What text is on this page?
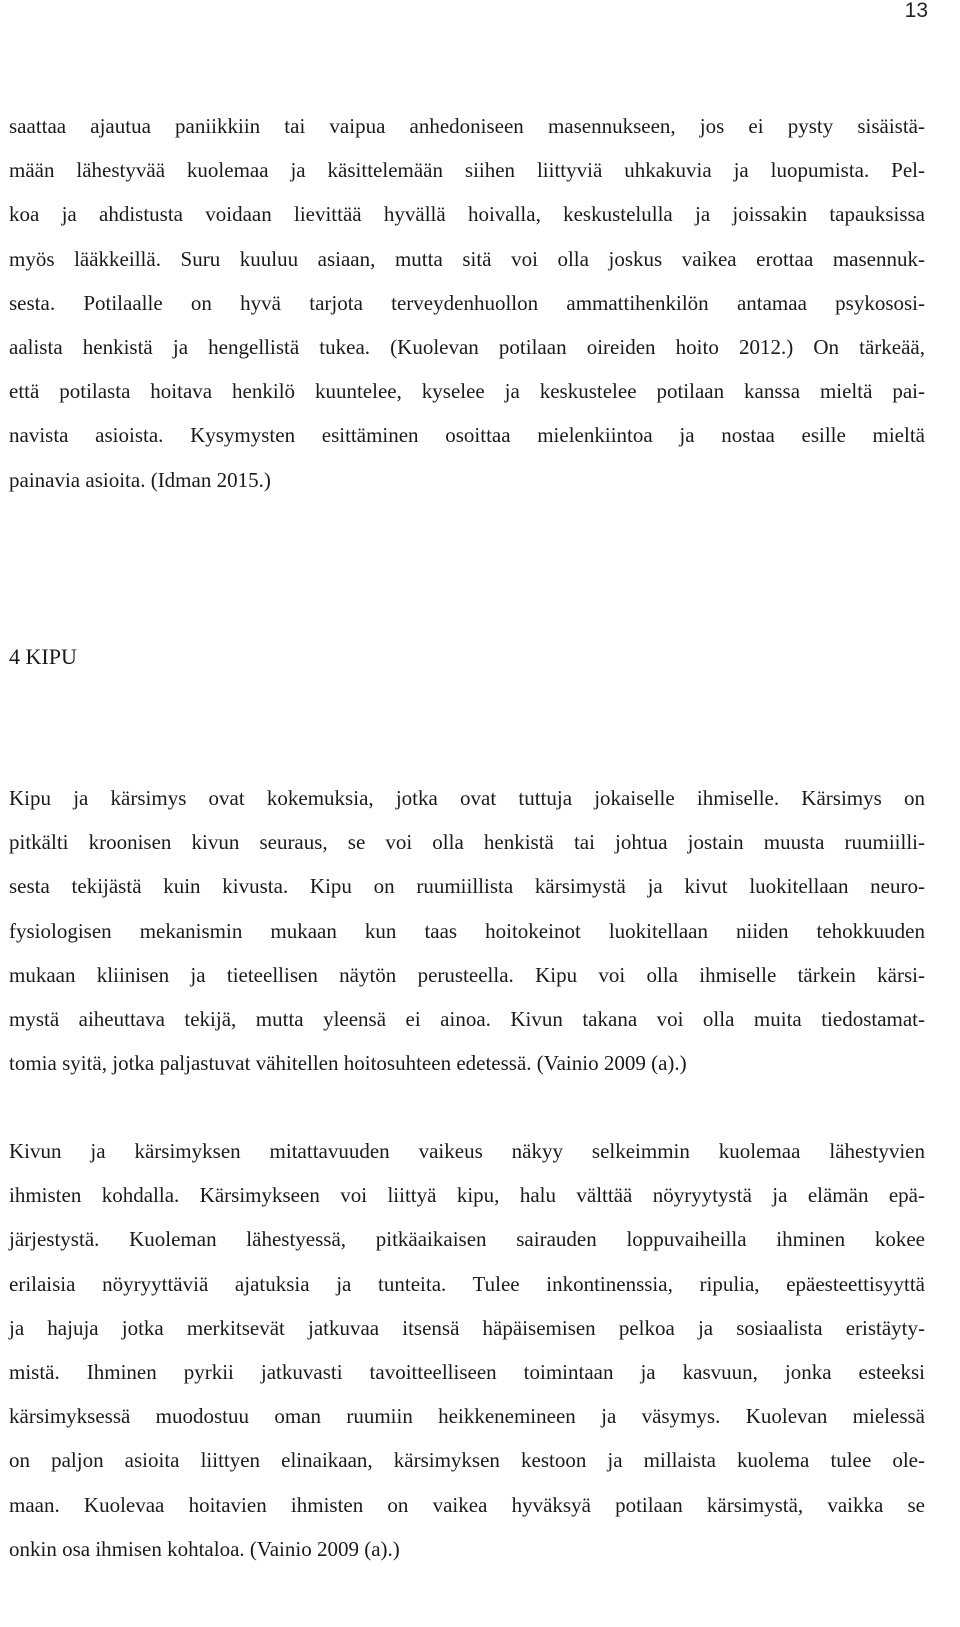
13

saattaa ajautua paniikkiin tai vaipua anhedoniseen masennukseen, jos ei pysty sisäistä-
mään lähestyvää kuolemaa ja käsittelemään siihen liittyviä uhkakuvia ja luopumista. Pel-
koa ja ahdistusta voidaan lievittää hyvällä hoivalla, keskustelulla ja joissakin tapauksissa
myös lääkkeillä. Suru kuuluu asiaan, mutta sitä voi olla joskus vaikea erottaa masennuk-
sesta. Potilaalle on hyvä tarjota terveydenhuollon ammattihenkilön antamaa psykososi-
aalista henkistä ja hengellistä tukea. (Kuolevan potilaan oireiden hoito 2012.) On tärkeää,
että potilasta hoitava henkilö kuuntelee, kyselee ja keskustelee potilaan kanssa mieltä pai-
navista asioista. Kysymysten esittäminen osoittaa mielenkiintoa ja nostaa esille mieltä
painavia asioita. (Idman 2015.)

4 KIPU

Kipu ja kärsimys ovat kokemuksia, jotka ovat tuttuja jokaiselle ihmiselle. Kärsimys on
pitkälti kroonisen kivun seuraus, se voi olla henkistä tai johtua jostain muusta ruumiilli-
sesta tekijästä kuin kivusta. Kipu on ruumiillista kärsimystä ja kivut luokitellaan neuro-
fysiologisen mekanismin mukaan kun taas hoitokeinot luokitellaan niiden tehokkuuden
mukaan kliinisen ja tieteellisen näytön perusteella. Kipu voi olla ihmiselle tärkein kärsi-
mystä aiheuttava tekijä, mutta yleensä ei ainoa. Kivun takana voi olla muita tiedostamat-
tomia syitä, jotka paljastuvat vähitellen hoitosuhteen edetessä. (Vainio 2009 (a).)

Kivun ja kärsimyksen mitattavuuden vaikeus näkyy selkeimmin kuolemaa lähestyvien
ihmisten kohdalla. Kärsimykseen voi liittyä kipu, halu välttää nöyryytystä ja elämän epä-
järjestystä. Kuoleman lähestyessä, pitkäaikaisen sairauden loppuvaiheilla ihminen kokee
erilaisia nöyryyttäviä ajatuksia ja tunteita. Tulee inkontinenssia, ripulia, epäesteettisyyttä
ja hajuja jotka merkitsevät jatkuvaa itsensä häpäisemisen pelkoa ja sosiaalista eristäyty-
mistä. Ihminen pyrkii jatkuvasti tavoitteelliseen toimintaan ja kasvuun, jonka esteeksi
kärsimyksessä muodostuu oman ruumiin heikkenemineen ja väsymys. Kuolevan mielessä
on paljon asioita liittyen elinaikaan, kärsimyksen kestoon ja millaista kuolema tulee ole-
maan. Kuolevaa hoitavien ihmisten on vaikea hyväksyä potilaan kärsimystä, vaikka se
onkin osa ihmisen kohtaloa. (Vainio 2009 (a).)
